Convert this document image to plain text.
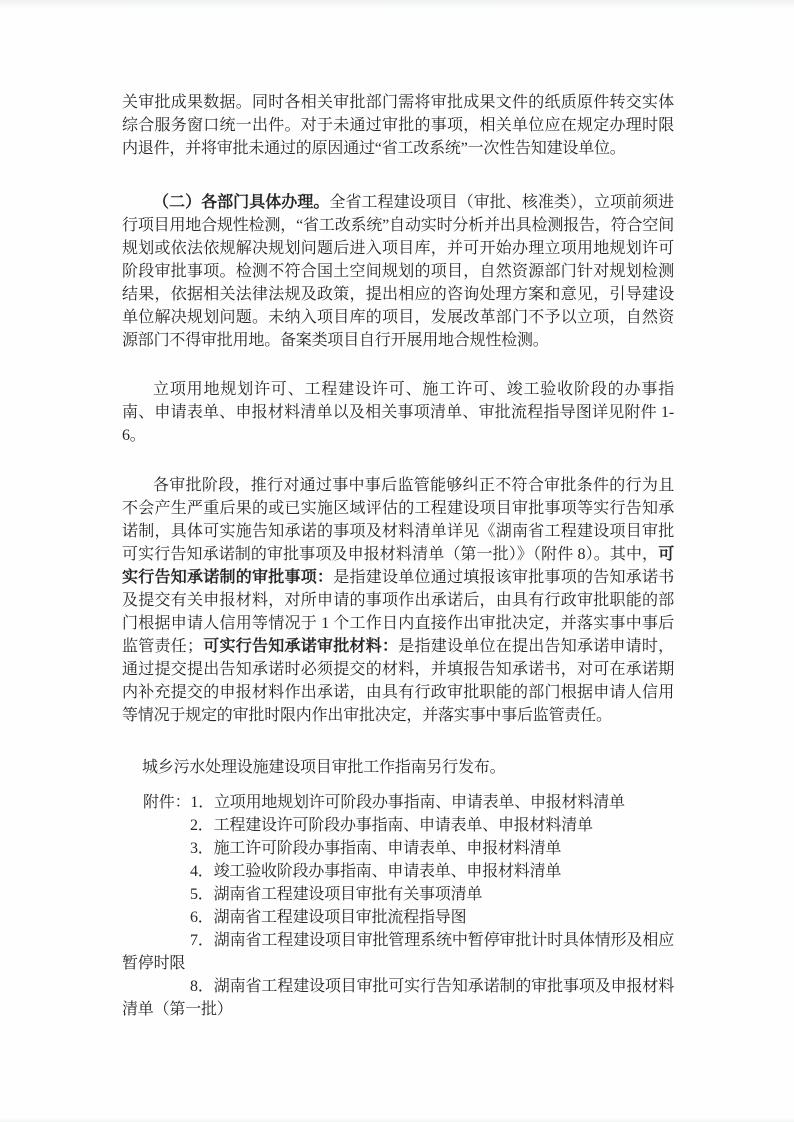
关审批成果数据。同时各相关审批部门需将审批成果文件的纸质原件转交实体综合服务窗口统一出件。对于未通过审批的事项，相关单位应在规定办理时限内退件，并将审批未通过的原因通过“省工改系统”一次性告知建设单位。

（二）各部门具体办理。全省工程建设项目（审批、核准类），立项前须进行项目用地合规性检测，“省工改系统”自动实时分析并出具检测报告，符合空间规划或依法依规解决规划问题后进入项目库，并可开始办理立项用地规划许可阶段审批事项。检测不符合国土空间规划的项目，自然资源部门针对规划检测结果，依据相关法律法规及政策，提出相应的咨询处理方案和意见，引导建设单位解决规划问题。未纳入项目库的项目，发展改革部门不予以立项，自然资源部门不得审批用地。备案类项目自行开展用地合规性检测。

立项用地规划许可、工程建设许可、施工许可、竣工验收阶段的办事指南、申请表单、申报材料清单以及相关事项清单、审批流程指导图详见附件 1-6。

各审批阶段，推行对通过事中事后监管能够纠正不符合审批条件的行为且不会产生严重后果的或已实施区域评估的工程建设项目审批事项等实行告知承诺制，具体可实施告知承诺的事项及材料清单详见《湖南省工程建设项目审批可实行告知承诺制的审批事项及申报材料清单（第一批）》（附件 8）。其中，可实行告知承诺制的审批事项：是指建设单位通过填报该审批事项的告知承诺书及提交有关申报材料，对所申请的事项作出承诺后，由具有行政审批职能的部门根据申请人信用等情况于 1 个工作日内直接作出审批决定，并落实事中事后监管责任；可实行告知承诺审批材料：是指建设单位在提出告知承诺申请时，通过提交提出告知承诺时必须提交的材料，并填报告知承诺书，对可在承诺期内补充提交的申报材料作出承诺，由具有行政审批职能的部门根据申请人信用等情况于规定的审批时限内作出审批决定，并落实事中事后监管责任。

城乡污水处理设施建设项目审批工作指南另行发布。

附件：1．立项用地规划许可阶段办事指南、申请表单、申报材料清单
2．工程建设许可阶段办事指南、申请表单、申报材料清单
3．施工许可阶段办事指南、申请表单、申报材料清单
4．竣工验收阶段办事指南、申请表单、申报材料清单
5．湖南省工程建设项目审批有关事项清单
6．湖南省工程建设项目审批流程指导图
7．湖南省工程建设项目审批管理系统中暂停审批计时具体情形及相应暂停时限
8．湖南省工程建设项目审批可实行告知承诺制的审批事项及申报材料清单（第一批）
